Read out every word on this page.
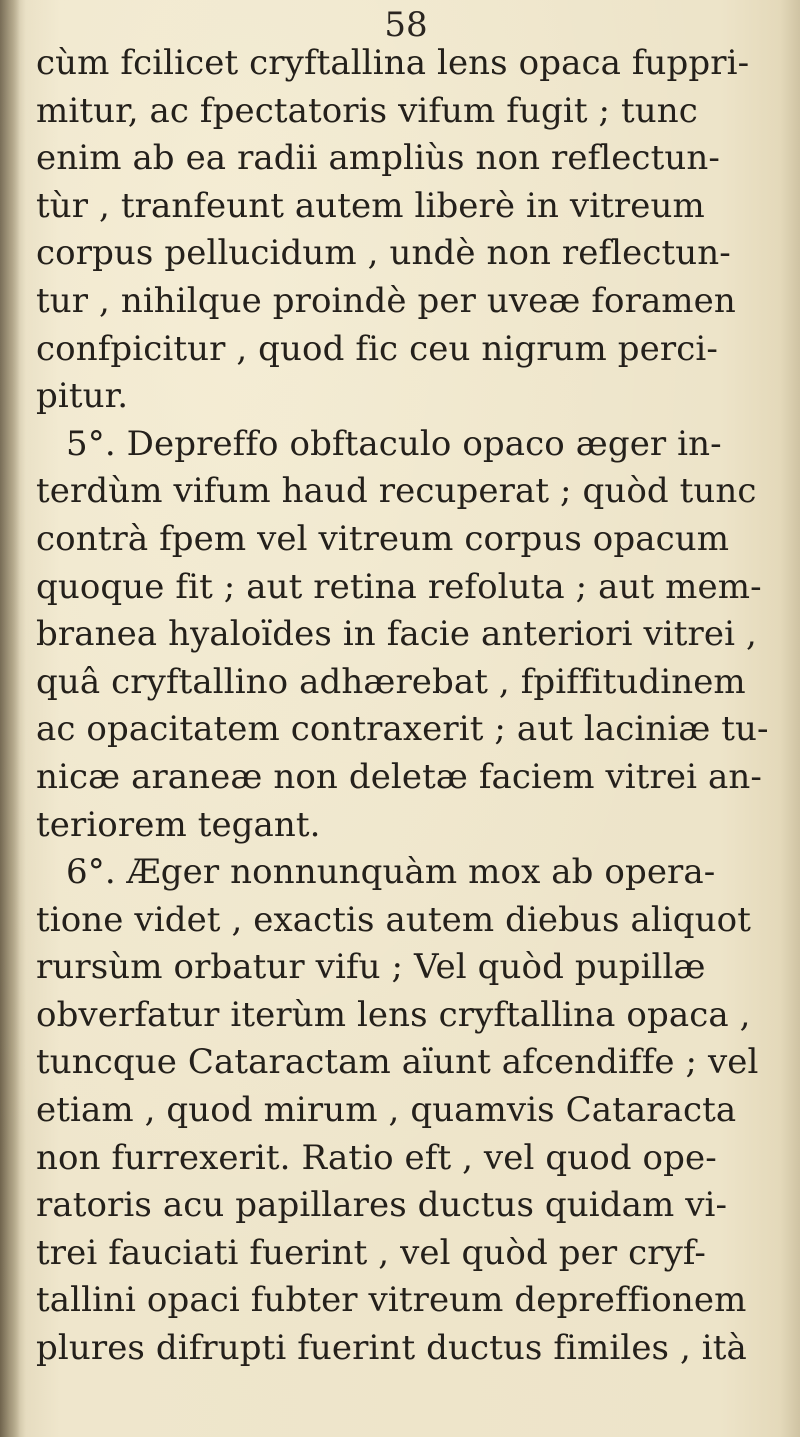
58
cùm fcilicet cryftallina lens opaca fuppri-
mitur, ac fpectatoris vifum fugit ; tunc
enim ab ea radii ampliùs non reflectun-
tùr , tranfeunt autem liberè in vitreum
corpus pellucidum , undè non reflectun-
tur , nihilque proindè per uveæ foramen
confpicitur , quod fic ceu nigrum perci-
pitur.
5°. Depreffo obftaculo opaco æger in-
terdùm vifum haud recuperat ; quòd tunc
contrà fpem vel vitreum corpus opacum
quoque fit ; aut retina refoluta ; aut mem-
branea hyaloïdes in facie anteriori vitrei ,
quâ cryftallino adhærebat , fpiffitudinem
ac opacitatem contraxerit ; aut laciniæ tu-
nicæ araneæ non deletæ faciem vitrei an-
teriorem tegant.
6°. Æger nonnunquàm mox ab opera-
tione videt , exactis autem diebus aliquot
rursùm orbatur vifu ; Vel quòd pupillæ
obverfatur iterùm lens cryftallina opaca ,
tuncque Cataractam aïunt afcendiffe ; vel
etiam , quod mirum , quamvis Cataracta
non furrexerit. Ratio eft , vel quod ope-
ratoris acu papillares ductus quidam vi-
trei fauciati fuerint , vel quòd per cryf-
tallini opaci fubter vitreum depreffionem
plures difrupti fuerint ductus fimiles , ità
